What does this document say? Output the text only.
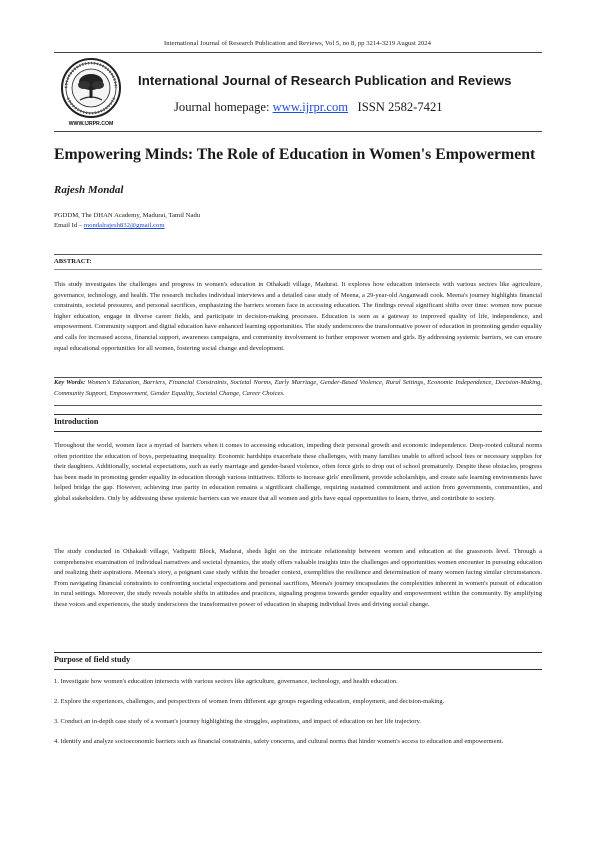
International Journal of Research Publication and Reviews, Vol 5, no 8, pp 3214-3219 August 2024
WWW.IJRPR.COM
International Journal of Research Publication and Reviews
Journal homepage: www.ijrpr.com ISSN 2582-7421
Empowering Minds: The Role of Education in Women's Empowerment
Rajesh Mondal
PGDDM, The DHAN Academy, Madurai, Tamil Nadu
Email Id – mondalrajesh832@gmail.com
ABSTRACT:
This study investigates the challenges and progress in women's education in Othakadi village, Madurai. It explores how education intersects with various sectors like agriculture, governance, technology, and health. The research includes individual interviews and a detailed case study of Meena, a 29-year-old Anganwadi cook. Meena's journey highlights financial constraints, societal pressures, and personal sacrifices, emphasizing the barriers women face in accessing education. The findings reveal significant shifts over time: women now pursue higher education, engage in diverse career fields, and participate in decision-making processes. Education is seen as a gateway to improved quality of life, independence, and empowerment. Community support and digital education have enhanced learning opportunities. The study underscores the transformative power of education in promoting gender equality and calls for increased access, financial support, awareness campaigns, and community involvement to further empower women and girls. By addressing systemic barriers, we can ensure equal educational opportunities for all women, fostering social change and development.
Key Words: Women's Education, Barriers, Financial Constraints, Societal Norms, Early Marriage, Gender-Based Violence, Rural Settings, Economic Independence, Decision-Making, Community Support, Empowerment, Gender Equality, Societal Change, Career Choices.
Introduction
Throughout the world, women face a myriad of barriers when it comes to accessing education, impeding their personal growth and economic independence. Deep-rooted cultural norms often prioritize the education of boys, perpetuating inequality. Economic hardships exacerbate these challenges, with many families unable to afford school fees or necessary supplies for their daughters. Additionally, societal expectations, such as early marriage and gender-based violence, often force girls to drop out of school prematurely. Despite these obstacles, progress has been made in promoting gender equality in education through various initiatives. Efforts to increase girls' enrollment, provide scholarships, and create safe learning environments have helped bridge the gap. However, achieving true parity in education remains a significant challenge, requiring sustained commitment and action from governments, communities, and global stakeholders. Only by addressing these systemic barriers can we ensure that all women and girls have equal opportunities to learn, thrive, and contribute to society.
The study conducted in Othakadi village, Vadipatti Block, Madurai, sheds light on the intricate relationship between women and education at the grassroots level. Through a comprehensive examination of individual narratives and societal dynamics, the study offers valuable insights into the challenges and opportunities women encounter in pursuing education and realizing their aspirations. Meena's story, a poignant case study within the broader context, exemplifies the resilience and determination of many women facing similar circumstances. From navigating financial constraints to confronting societal expectations and personal sacrifices, Meena's journey encapsulates the complexities inherent in women's pursuit of education in rural settings. Moreover, the study reveals notable shifts in attitudes and practices, signaling progress towards gender equality and empowerment within the community. By amplifying these voices and experiences, the study underscores the transformative power of education in shaping individual lives and driving social change.
Purpose of field study
1. Investigate how women's education intersects with various sectors like agriculture, governance, technology, and health education.
2. Explore the experiences, challenges, and perspectives of women from different age groups regarding education, employment, and decision-making.
3. Conduct an in-depth case study of a woman's journey highlighting the struggles, aspirations, and impact of education on her life trajectory.
4. Identify and analyze socioeconomic barriers such as financial constraints, safety concerns, and cultural norms that hinder women's access to education and empowerment.
